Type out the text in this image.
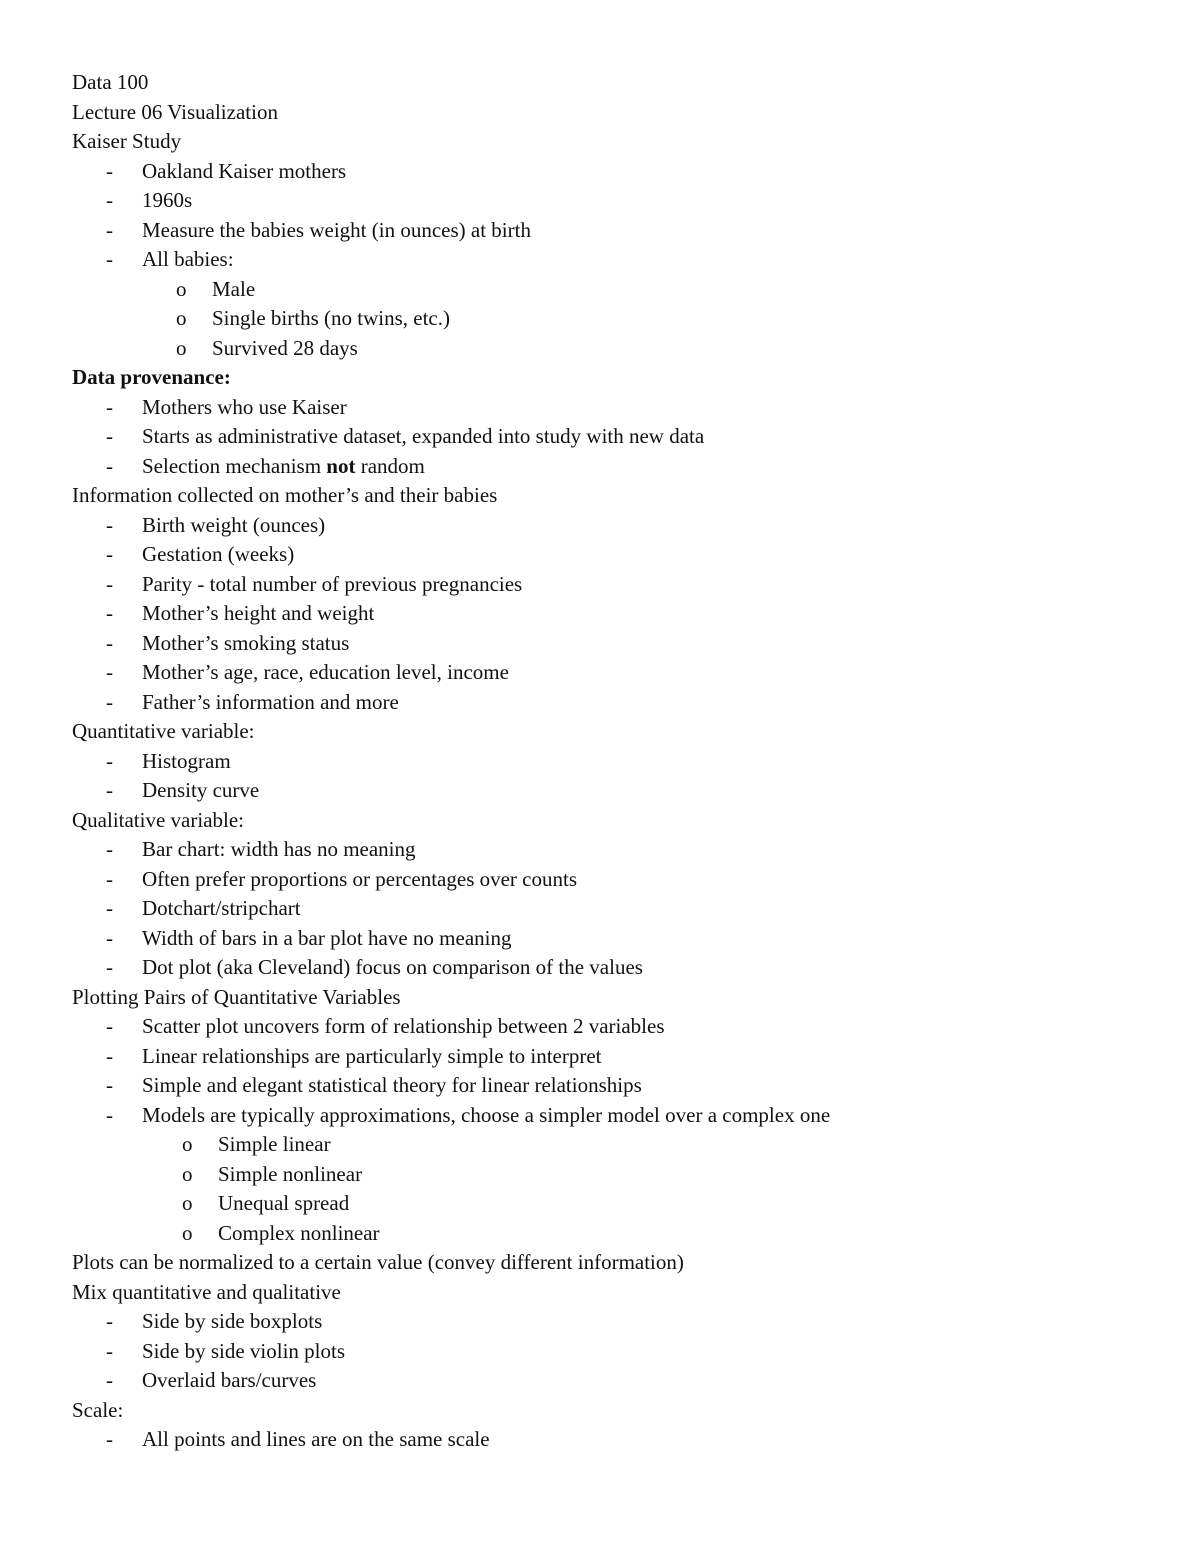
Data 100
Lecture 06 Visualization
Kaiser Study
- Oakland Kaiser mothers
- 1960s
- Measure the babies weight (in ounces) at birth
- All babies:
o Male
o Single births (no twins, etc.)
o Survived 28 days
Data provenance:
- Mothers who use Kaiser
- Starts as administrative dataset, expanded into study with new data
- Selection mechanism not random
Information collected on mother’s and their babies
- Birth weight (ounces)
- Gestation (weeks)
- Parity - total number of previous pregnancies
- Mother’s height and weight
- Mother’s smoking status
- Mother’s age, race, education level, income
- Father’s information and more
Quantitative variable:
- Histogram
- Density curve
Qualitative variable:
- Bar chart: width has no meaning
- Often prefer proportions or percentages over counts
- Dotchart/stripchart
- Width of bars in a bar plot have no meaning
- Dot plot (aka Cleveland) focus on comparison of the values
Plotting Pairs of Quantitative Variables
- Scatter plot uncovers form of relationship between 2 variables
- Linear relationships are particularly simple to interpret
- Simple and elegant statistical theory for linear relationships
- Models are typically approximations, choose a simpler model over a complex one
o Simple linear
o Simple nonlinear
o Unequal spread
o Complex nonlinear
Plots can be normalized to a certain value (convey different information)
Mix quantitative and qualitative
- Side by side boxplots
- Side by side violin plots
- Overlaid bars/curves
Scale:
- All points and lines are on the same scale
